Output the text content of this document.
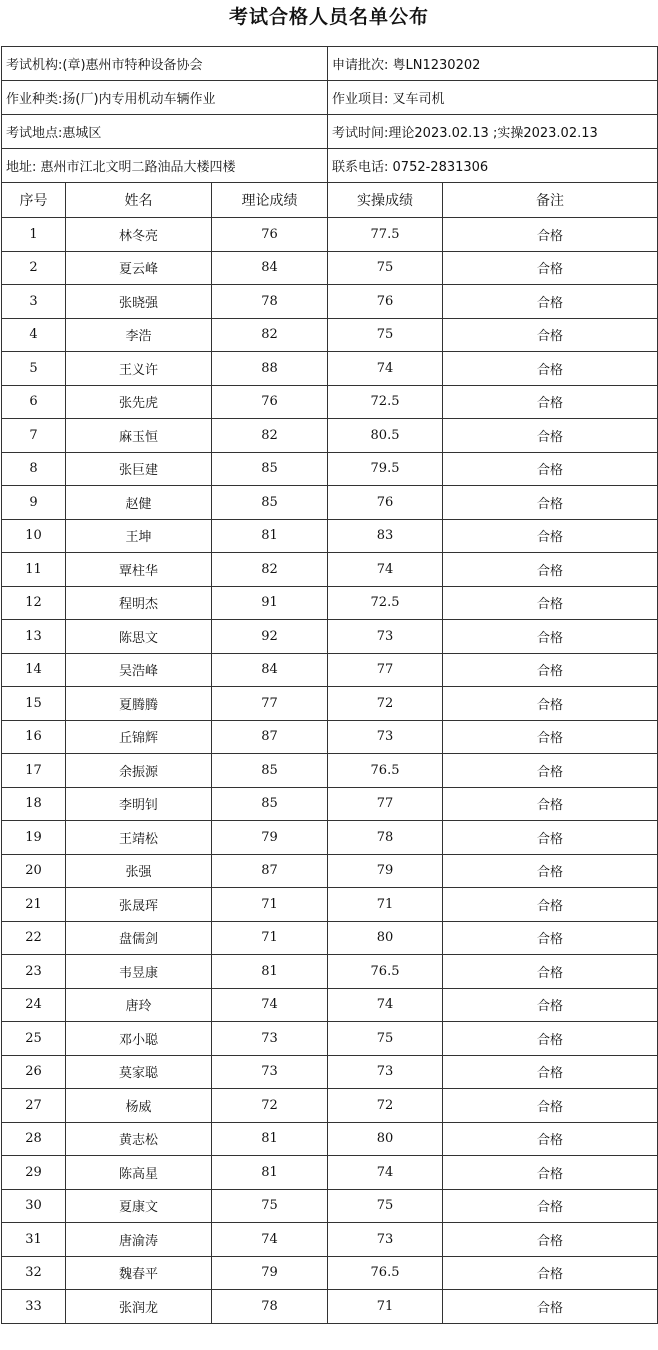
考试合格人员名单公布
考试机构:(章)惠州市特种设备协会			申请批次: 粤LN1230202	
作业种类:扬(厂)内专用机动车辆作业			作业项目: 叉车司机	
考试地点:惠城区			考试时间:理论2023.02.13 ;实操2023.02.13	
地址: 惠州市江北文明二路油品大楼四楼			联系电话: 0752-2831306	
序号	姓名	理论成绩	实操成绩	备注
1	林冬亮	76	77.5	合格
2	夏云峰	84	75	合格
3	张晓强	78	76	合格
4	李浩	82	75	合格
5	王义许	88	74	合格
6	张先虎	76	72.5	合格
7	麻玉恒	82	80.5	合格
8	张巨建	85	79.5	合格
9	赵健	85	76	合格
10	王坤	81	83	合格
11	覃柱华	82	74	合格
12	程明杰	91	72.5	合格
13	陈思文	92	73	合格
14	吴浩峰	84	77	合格
15	夏腾腾	77	72	合格
16	丘锦辉	87	73	合格
17	余振源	85	76.5	合格
18	李明钊	85	77	合格
19	王靖松	79	78	合格
20	张强	87	79	合格
21	张晟珲	71	71	合格
22	盘儒剑	71	80	合格
23	韦昱康	81	76.5	合格
24	唐玲	74	74	合格
25	邓小聪	73	75	合格
26	莫家聪	73	73	合格
27	杨威	72	72	合格
28	黄志松	81	80	合格
29	陈高星	81	74	合格
30	夏康文	75	75	合格
31	唐渝涛	74	73	合格
32	魏春平	79	76.5	合格
33	张润龙	78	71	合格
